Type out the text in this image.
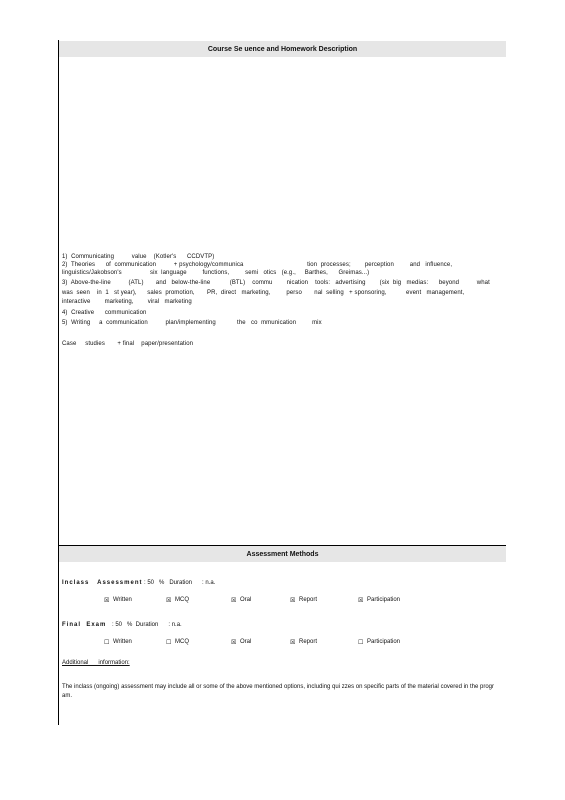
Course Se uence and Homework Description
1)  Communicating          value    (Kotler's      CCDVTP)
2)  Theories      of  communication          + psychology/communica                                    tion  processes;        perception         and   influence,
linguistics/Jakobson's                six  language         functions,         semi   otics   (e.g.,     Barthes,      Greimas...)
3)  Above-the-line          (ATL)       and   below-the-line           (BTL)    commu        nication    tools:   advertising        (six  big   medias:      beyond          what
was  seen    in  1   st year),      sales  promotion,       PR,  direct   marketing,         perso       nal  selling   + sponsoring,           event   management,
interactive        marketing,        viral   marketing
4)  Creative      communication
5)  Writing     a  communication          plan/implementing            the   co  mmunication         mix
Case     studies       + final    paper/presentation
Assessment Methods
Inclass   Assessment : 50   %   Duration      : n.a.
☒ Written	☒ MCQ	☒ Oral	☒ Report	☒ Participation
Final  Exam : 50   %  Duration      : n.a.
☐ Written	☐ MCQ	☒ Oral	☒ Report	☐ Participation
Additional      information:
The inclass (ongoing) assessment may include all or some of the above mentioned options, including qui zzes on specific parts of the material covered in the progr am.
